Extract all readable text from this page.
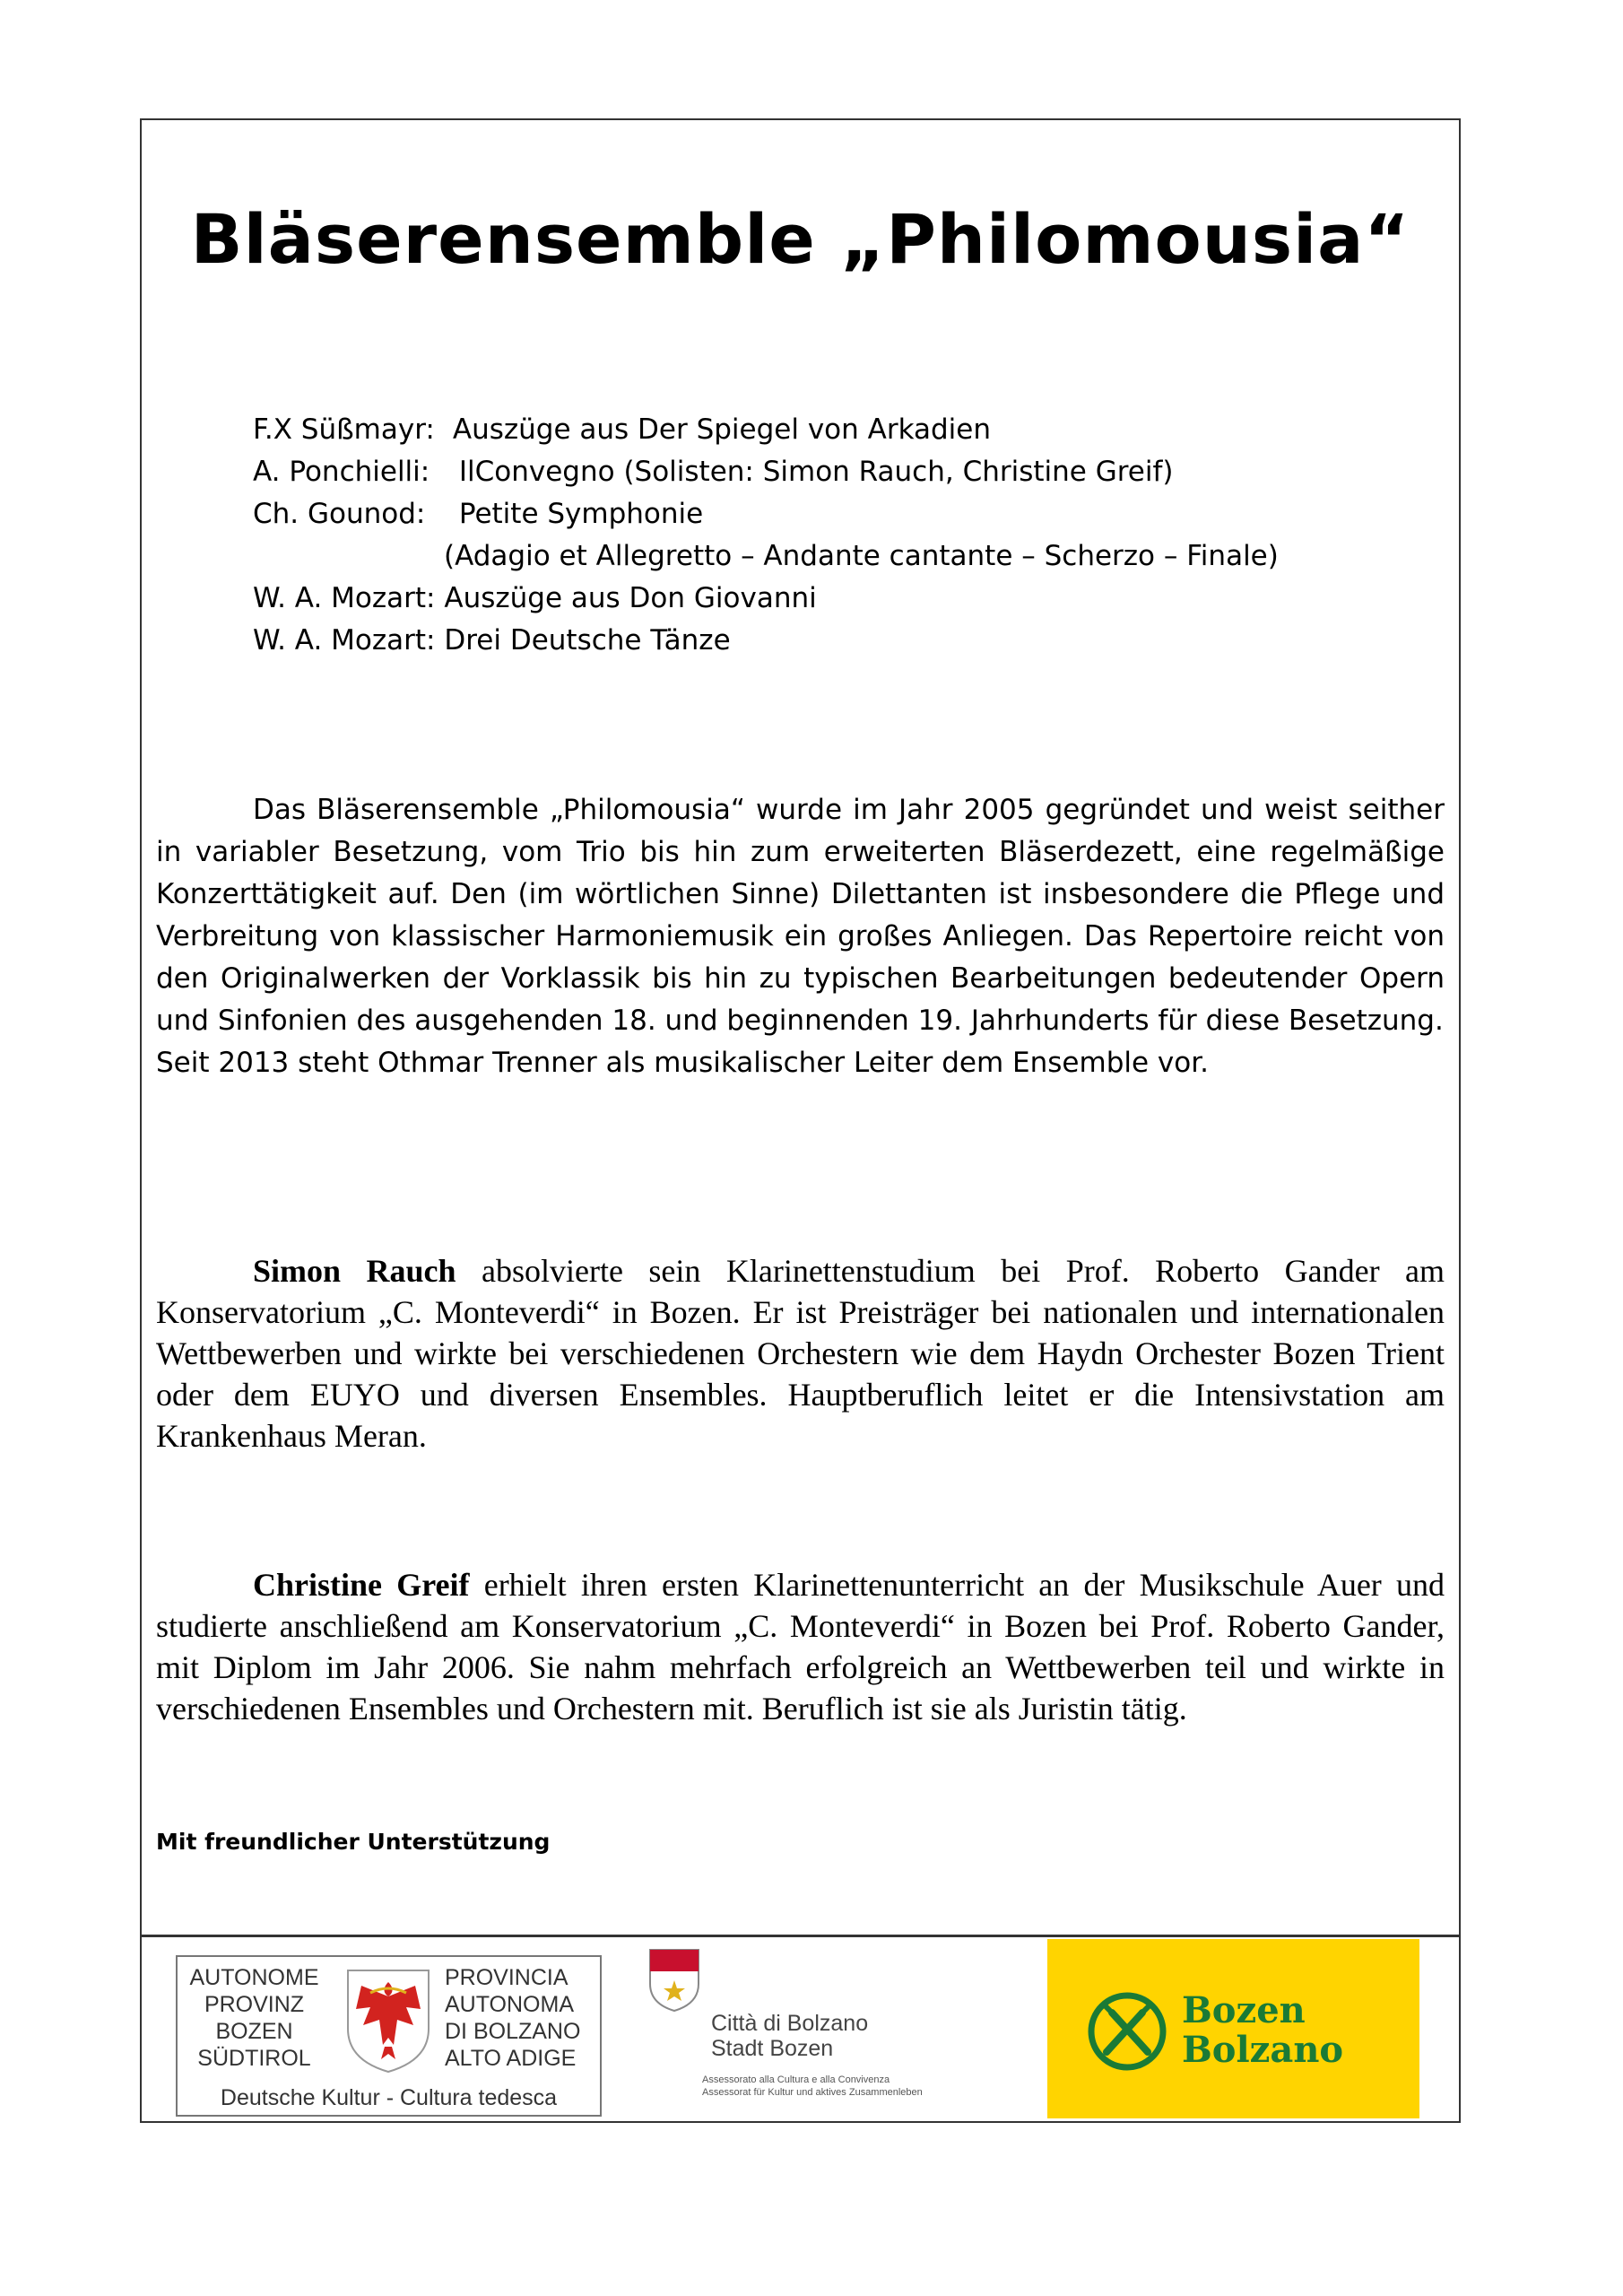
Bläserensemble „Philomousia“
F.X Süßmayr: Auszüge aus Der Spiegel von Arkadien
A. Ponchielli: IlConvegno (Solisten: Simon Rauch, Christine Greif)
Ch. Gounod: Petite Symphonie
(Adagio et Allegretto – Andante cantante – Scherzo – Finale)
W. A. Mozart: Auszüge aus Don Giovanni
W. A. Mozart: Drei Deutsche Tänze

Das Bläserensemble „Philomousia“ wurde im Jahr 2005 gegründet und weist seither in variabler Besetzung, vom Trio bis hin zum erweiterten Bläserdezett, eine regelmäßige Konzerttätigkeit auf. Den (im wörtlichen Sinne) Dilettanten ist insbesondere die Pflege und Verbreitung von klassischer Harmoniemusik ein großes Anliegen. Das Repertoire reicht von den Originalwerken der Vorklassik bis hin zu typischen Bearbeitungen bedeutender Opern und Sinfonien des ausgehenden 18. und beginnenden 19. Jahrhunderts für diese Besetzung.

Seit 2013 steht Othmar Trenner als musikalischer Leiter dem Ensemble vor.

Simon Rauch absolvierte sein Klarinettenstudium bei Prof. Roberto Gander am Konservatorium „C. Monteverdi“ in Bozen. Er ist Preisträger bei nationalen und internationalen Wettbewerben und wirkte bei verschiedenen Orchestern wie dem Haydn Orchester Bozen Trient oder dem EUYO und diversen Ensembles. Hauptberuflich leitet er die Intensivstation am Krankenhaus Meran.

Christine Greif erhielt ihren ersten Klarinettenunterricht an der Musikschule Auer und studierte anschließend am Konservatorium „C. Monteverdi“ in Bozen bei Prof. Roberto Gander, mit Diplom im Jahr 2006. Sie nahm mehrfach erfolgreich an Wettbewerben teil und wirkte in verschiedenen Ensembles und Orchestern mit. Beruflich ist sie als Juristin tätig.

Mit freundlicher Unterstützung
AUTONOME
PROVINZ
BOZEN
SÜDTIROL
PROVINCIA
AUTONOMA
DI BOLZANO
ALTO ADIGE
Deutsche Kultur - Cultura tedesca
Città di Bolzano
Stadt Bozen
Assessorato alla Cultura e alla Convivenza
Assessorat für Kultur und aktives Zusammenleben
Bozen
Bolzano
